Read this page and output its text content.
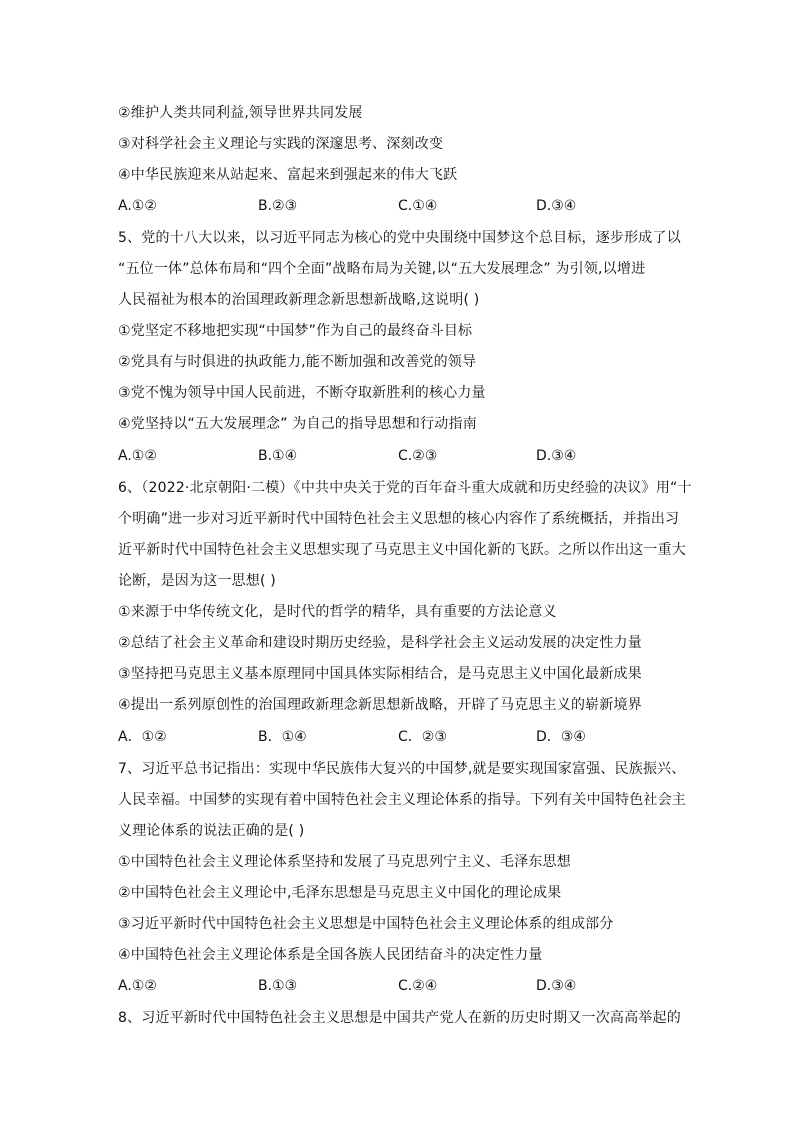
②维护人类共同利益,领导世界共同发展
③对科学社会主义理论与实践的深邃思考、深刻改变
④中华民族迎来从站起来、富起来到强起来的伟大飞跃
A.①②	B.②③	C.①④	D.③④
5、党的十八大以来，以习近平同志为核心的党中央围绕中国梦这个总目标，逐步形成了以
“五位一体”总体布局和“四个全面”战略布局为关键,以“五大发展理念” 为引领,以增进
人民福祉为根本的治国理政新理念新思想新战略,这说明( )
①党坚定不移地把实现“中国梦”作为自己的最终奋斗目标
②党具有与时俱进的执政能力,能不断加强和改善党的领导
③党不愧为领导中国人民前进，不断夺取新胜利的核心力量
④党坚持以“五大发展理念” 为自己的指导思想和行动指南
A.①②	B.①④	C.②③	D.③④
6、（2022·北京朝阳·二模）《中共中央关于党的百年奋斗重大成就和历史经验的决议》用“十
个明确”进一步对习近平新时代中国特色社会主义思想的核心内容作了系统概括，并指出习
近平新时代中国特色社会主义思想实现了马克思主义中国化新的飞跃。之所以作出这一重大
论断，是因为这一思想( )
①来源于中华传统文化，是时代的哲学的精华，具有重要的方法论意义
②总结了社会主义革命和建设时期历史经验，是科学社会主义运动发展的决定性力量
③坚持把马克思主义基本原理同中国具体实际相结合，是马克思主义中国化最新成果
④提出一系列原创性的治国理政新理念新思想新战略，开辟了马克思主义的崭新境界
A．①②	B．①④	C．②③	D．③④
7、习近平总书记指出：实现中华民族伟大复兴的中国梦,就是要实现国家富强、民族振兴、
人民幸福。中国梦的实现有着中国特色社会主义理论体系的指导。下列有关中国特色社会主
义理论体系的说法正确的是( )
①中国特色社会主义理论体系坚持和发展了马克思列宁主义、毛泽东思想
②中国特色社会主义理论中,毛泽东思想是马克思主义中国化的理论成果
③习近平新时代中国特色社会主义思想是中国特色社会主义理论体系的组成部分
④中国特色社会主义理论体系是全国各族人民团结奋斗的决定性力量
A.①②	B.①③	C.②④	D.③④
8、习近平新时代中国特色社会主义思想是中国共产党人在新的历史时期又一次高高举起的
